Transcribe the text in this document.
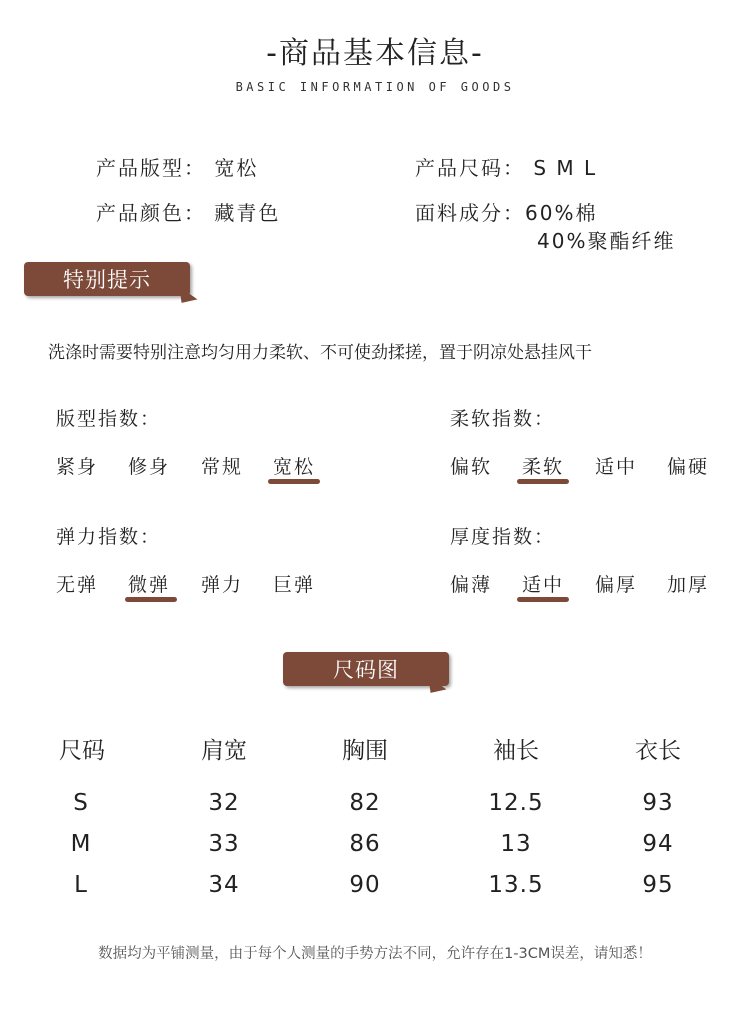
-商品基本信息-
BASIC INFORMATION OF GOODS
产品版型： 宽松	产品尺码： S M L
产品颜色： 藏青色	面料成分：60%棉
40%聚酯纤维
特别提示
洗涤时需要特别注意均匀用力柔软、不可使劲揉搓，置于阴凉处悬挂风干
版型指数：
紧身 修身 常规 宽松
柔软指数：
偏软 柔软 适中 偏硬
弹力指数：
无弹 微弹 弹力 巨弹
厚度指数：
偏薄 适中 偏厚 加厚
尺码图
尺码	肩宽	胸围	袖长	衣长
S	32	82	12.5	93
M	33	86	13	94
L	34	90	13.5	95
数据均为平铺测量，由于每个人测量的手势方法不同，允许存在1-3CM误差，请知悉！
